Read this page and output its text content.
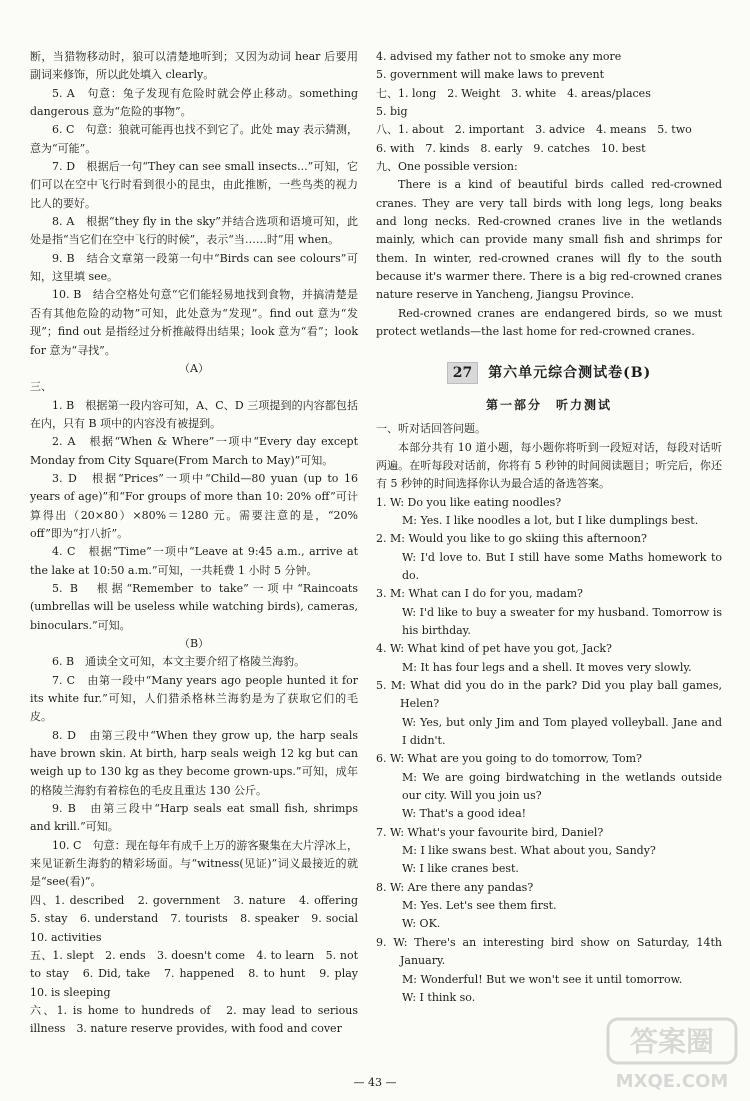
断，当猎物移动时，狼可以清楚地听到；又因为动词 hear 后要用副词来修饰，所以此处填入 clearly。

5. A　句意：兔子发现有危险时就会停止移动。something dangerous 意为“危险的事物”。

6. C　句意：狼就可能再也找不到它了。此处 may 表示猜测，意为“可能”。

7. D　根据后一句“They can see small insects...”可知，它们可以在空中飞行时看到很小的昆虫，由此推断，一些鸟类的视力比人的要好。

8. A　根据“they fly in the sky”并结合选项和语境可知，此处是指“当它们在空中飞行的时候”，表示“当……时”用 when。

9. B　结合文章第一段第一句中“Birds can see colours”可知，这里填 see。

10. B　结合空格处句意“它们能轻易地找到食物，并搞清楚是否有其他危险的动物”可知，此处意为“发现”。find out 意为“发现”；find out 是指经过分析推敲得出结果；look 意为“看”；look for 意为“寻找”。

（A）

三、

1. B　根据第一段内容可知，A、C、D 三项提到的内容都包括在内，只有 B 项中的内容没有被提到。

2. A　根据“When & Where”一项中“Every day except Monday from City Square(From March to May)”可知。

3. D　根据“Prices”一项中“Child—80 yuan (up to 16 years of age)”和“For groups of more than 10: 20% off”可计算得出（20×80）×80%＝1280 元。需要注意的是，“20% off”即为“打八折”。

4. C　根据“Time”一项中“Leave at 9:45 a.m., arrive at the lake at 10:50 a.m.”可知，一共耗费 1 小时 5 分钟。

5. B　根据“Remember to take”一项中“Raincoats (umbrellas will be useless while watching birds), cameras, binoculars.”可知。

（B）

6. B　通读全文可知，本文主要介绍了格陵兰海豹。

7. C　由第一段中“Many years ago people hunted it for its white fur.”可知，人们猎杀格林兰海豹是为了获取它们的毛皮。

8. D　由第三段中“When they grow up, the harp seals have brown skin. At birth, harp seals weigh 12 kg but can weigh up to 130 kg as they become grown-ups.”可知，成年的格陵兰海豹有着棕色的毛皮且重达 130 公斤。

9. B　由第三段中“Harp seals eat small fish, shrimps and krill.”可知。

10. C　句意：现在每年有成千上万的游客聚集在大片浮冰上，来见证新生海豹的精彩场面。与“witness(见证)”词义最接近的就是“see(看)”。

四、1. described　2. government　3. nature　4. offering　5. stay　6. understand　7. tourists　8. speaker　9. social　10. activities

五、1. slept　2. ends　3. doesn't come　4. to learn　5. not to stay　6. Did, take　7. happened　8. to hunt　9. play　10. is sleeping

六、1. is home to hundreds of　2. may lead to serious illness　3. nature reserve provides, with food and cover

4. advised my father not to smoke any more

5. government will make laws to prevent

七、1. long　2. Weight　3. white　4. areas/places

5. big

八、1. about　2. important　3. advice　4. means　5. two

6. with　7. kinds　8. early　9. catches　10. best

九、One possible version:

There is a kind of beautiful birds called red-crowned cranes. They are very tall birds with long legs, long beaks and long necks. Red-crowned cranes live in the wetlands mainly, which can provide many small fish and shrimps for them. In winter, red-crowned cranes will fly to the south because it's warmer there. There is a big red-crowned cranes nature reserve in Yancheng, Jiangsu Province.

Red-crowned cranes are endangered birds, so we must protect wetlands—the last home for red-crowned cranes.

27	第六单元综合测试卷(B)
第一部分　听力测试

一、听对话回答问题。

本部分共有 10 道小题，每小题你将听到一段短对话，每段对话听两遍。在听每段对话前，你将有 5 秒钟的时间阅读题目；听完后，你还有 5 秒钟的时间选择你认为最合适的备选答案。

1. W: Do you like eating noodles?

M: Yes. I like noodles a lot, but I like dumplings best.

2. M: Would you like to go skiing this afternoon?

W: I'd love to. But I still have some Maths homework to do.

3. M: What can I do for you, madam?

W: I'd like to buy a sweater for my husband. Tomorrow is his birthday.

4. W: What kind of pet have you got, Jack?

M: It has four legs and a shell. It moves very slowly.

5. M: What did you do in the park? Did you play ball games, Helen?

W: Yes, but only Jim and Tom played volleyball. Jane and I didn't.

6. W: What are you going to do tomorrow, Tom?

M: We are going birdwatching in the wetlands outside our city. Will you join us?

W: That's a good idea!

7. W: What's your favourite bird, Daniel?

M: I like swans best. What about you, Sandy?

W: I like cranes best.

8. W: Are there any pandas?

M: Yes. Let's see them first.

W: OK.

9. W: There's an interesting bird show on Saturday, 14th January.

M: Wonderful! But we won't see it until tomorrow.

W: I think so.

— 43 —
答案圈
MXQE.COM
